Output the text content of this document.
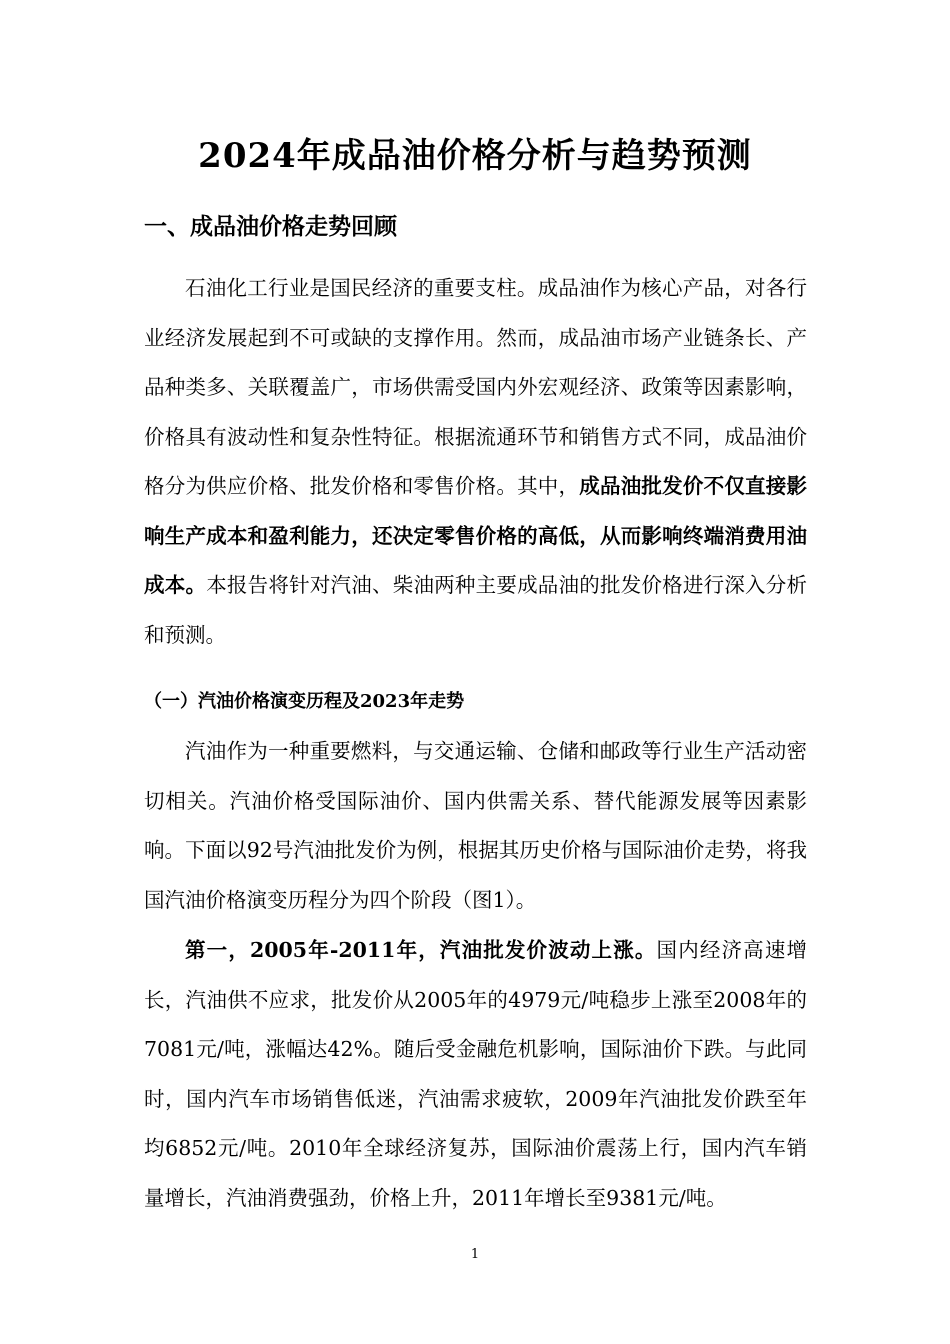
2024年成品油价格分析与趋势预测
一、成品油价格走势回顾

石油化工行业是国民经济的重要支柱。成品油作为核心产品，对各行业经济发展起到不可或缺的支撑作用。然而，成品油市场产业链条长、产品种类多、关联覆盖广，市场供需受国内外宏观经济、政策等因素影响，价格具有波动性和复杂性特征。根据流通环节和销售方式不同，成品油价格分为供应价格、批发价格和零售价格。其中，成品油批发价不仅直接影响生产成本和盈利能力，还决定零售价格的高低，从而影响终端消费用油成本。本报告将针对汽油、柴油两种主要成品油的批发价格进行深入分析和预测。

（一）汽油价格演变历程及2023年走势

汽油作为一种重要燃料，与交通运输、仓储和邮政等行业生产活动密切相关。汽油价格受国际油价、国内供需关系、替代能源发展等因素影响。下面以92号汽油批发价为例，根据其历史价格与国际油价走势，将我国汽油价格演变历程分为四个阶段（图1）。

第一，2005年-2011年，汽油批发价波动上涨。国内经济高速增长，汽油供不应求，批发价从2005年的4979元/吨稳步上涨至2008年的7081元/吨，涨幅达42%。随后受金融危机影响，国际油价下跌。与此同时，国内汽车市场销售低迷，汽油需求疲软，2009年汽油批发价跌至年均6852元/吨。2010年全球经济复苏，国际油价震荡上行，国内汽车销量增长，汽油消费强劲，价格上升，2011年增长至9381元/吨。

1
